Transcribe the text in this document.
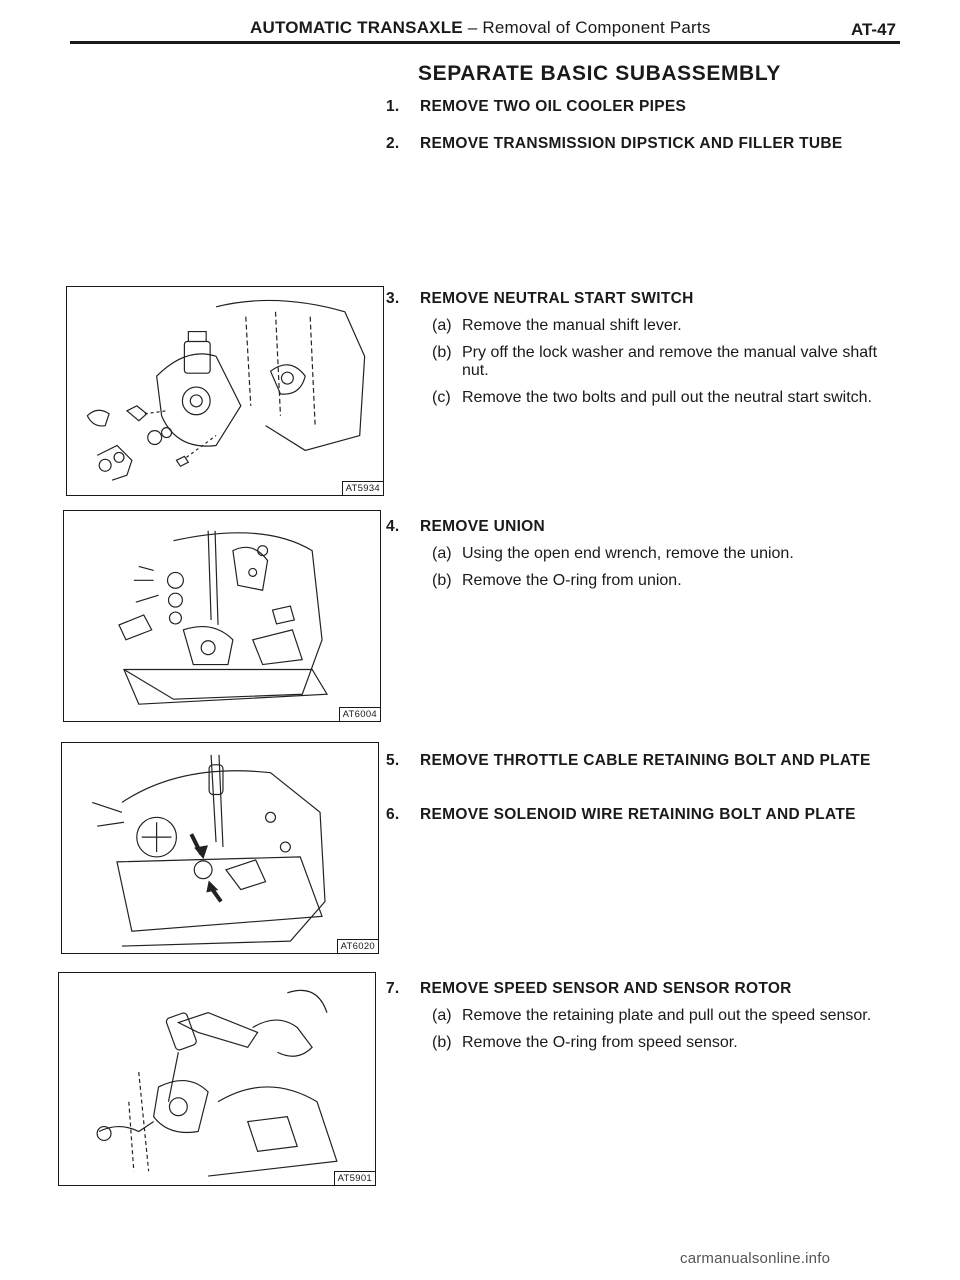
AUTOMATIC TRANSAXLE – Removal of Component Parts	AT-47
SEPARATE BASIC SUBASSEMBLY
1.	REMOVE TWO OIL COOLER PIPES
2.	REMOVE TRANSMISSION DIPSTICK AND FILLER TUBE
3.	REMOVE NEUTRAL START SWITCH
(a) Remove the manual shift lever.
(b) Pry off the lock washer and remove the manual valve shaft nut.
(c) Remove the two bolts and pull out the neutral start switch.
4.	REMOVE UNION
(a) Using the open end wrench, remove the union.
(b) Remove the O-ring from union.
5.	REMOVE THROTTLE CABLE RETAINING BOLT AND PLATE
6.	REMOVE SOLENOID WIRE RETAINING BOLT AND PLATE
7.	REMOVE SPEED SENSOR AND SENSOR ROTOR
(a) Remove the retaining plate and pull out the speed sensor.
(b) Remove the O-ring from speed sensor.
AT5934
AT6004
AT6020
AT5901
carmanualsonline.info
